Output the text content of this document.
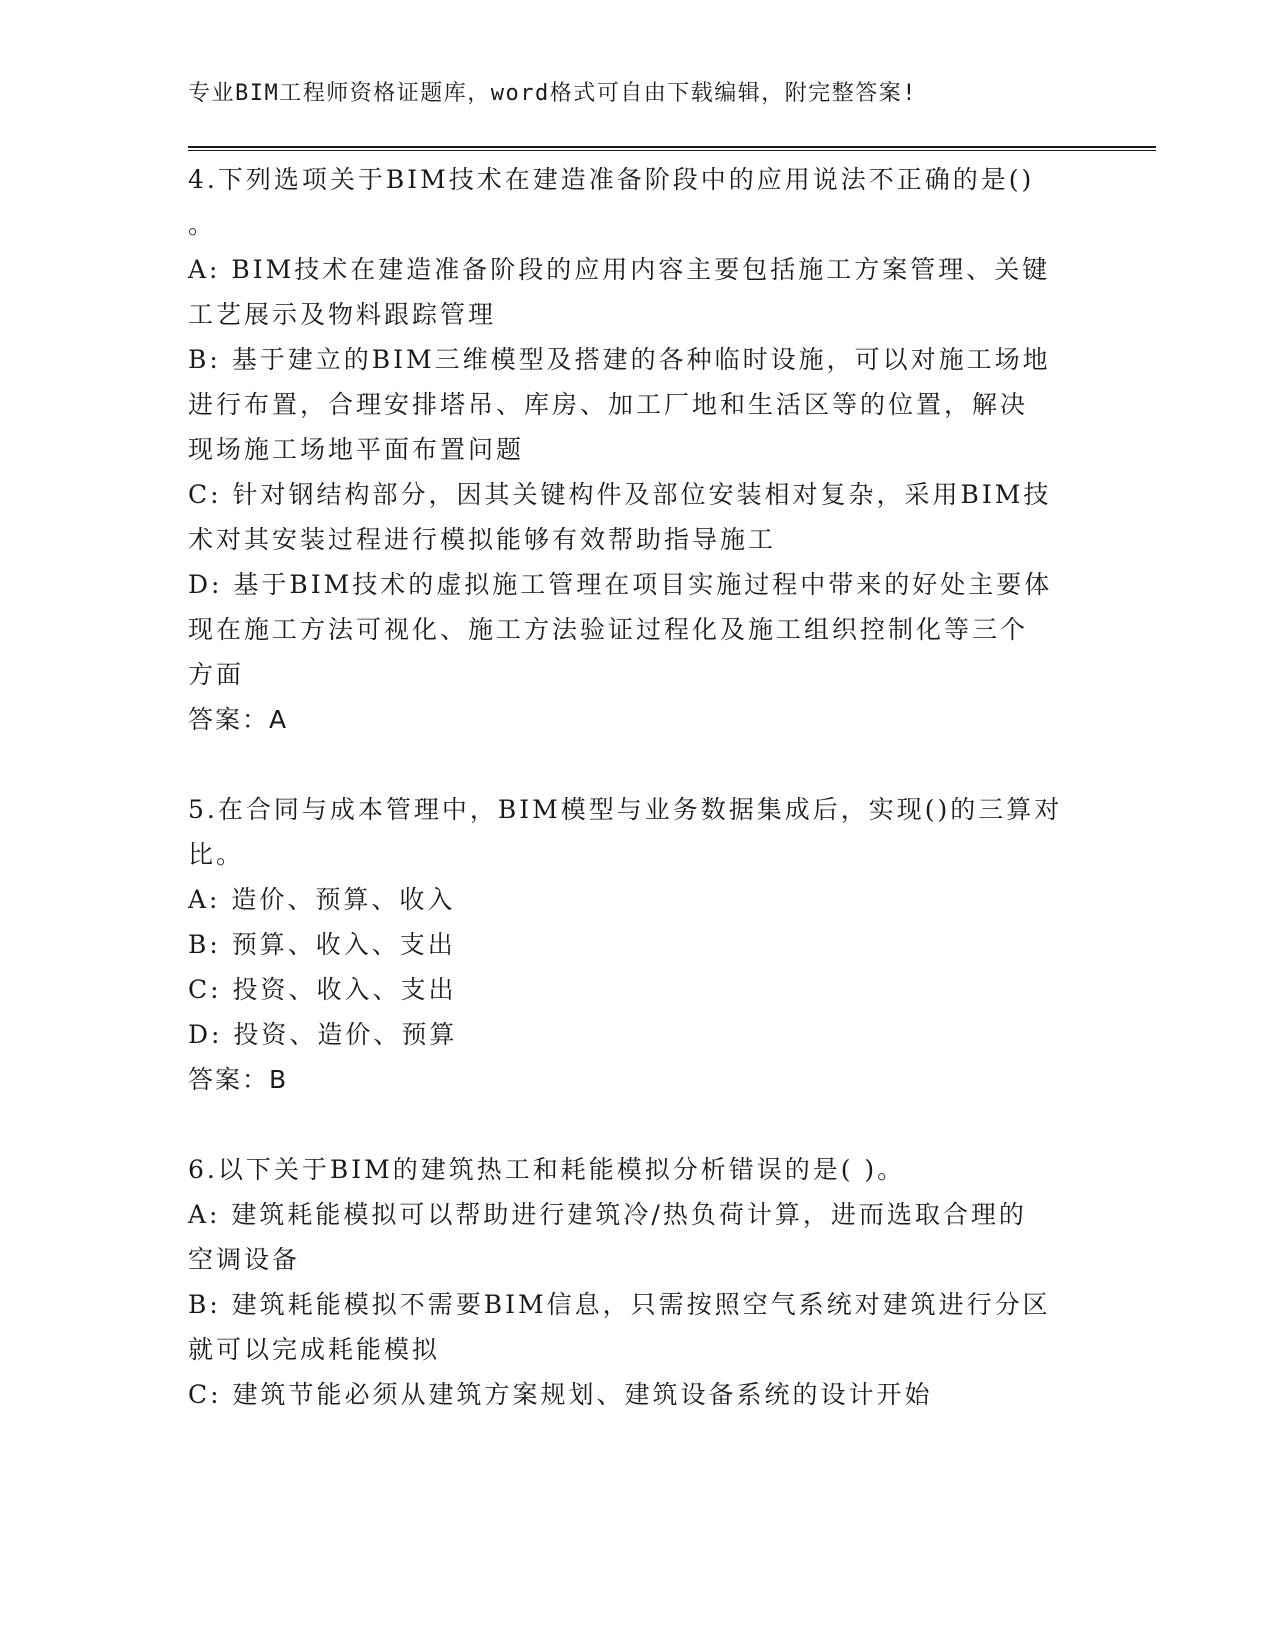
专业BIM工程师资格证题库，word格式可自由下载编辑，附完整答案!

4.下列选项关于BIM技术在建造准备阶段中的应用说法不正确的是()

。

A: BIM技术在建造准备阶段的应用内容主要包括施工方案管理、关键

工艺展示及物料跟踪管理

B: 基于建立的BIM三维模型及搭建的各种临时设施，可以对施工场地

进行布置，合理安排塔吊、库房、加工厂地和生活区等的位置，解决

现场施工场地平面布置问题

C: 针对钢结构部分，因其关键构件及部位安装相对复杂，采用BIM技

术对其安装过程进行模拟能够有效帮助指导施工

D: 基于BIM技术的虚拟施工管理在项目实施过程中带来的好处主要体

现在施工方法可视化、施工方法验证过程化及施工组织控制化等三个

方面

答案：A

5.在合同与成本管理中，BIM模型与业务数据集成后，实现()的三算对

比。

A: 造价、预算、收入

B: 预算、收入、支出

C: 投资、收入、支出

D: 投资、造价、预算

答案：B

6.以下关于BIM的建筑热工和耗能模拟分析错误的是( )。

A: 建筑耗能模拟可以帮助进行建筑冷/热负荷计算，进而选取合理的

空调设备

B: 建筑耗能模拟不需要BIM信息，只需按照空气系统对建筑进行分区

就可以完成耗能模拟

C: 建筑节能必须从建筑方案规划、建筑设备系统的设计开始
